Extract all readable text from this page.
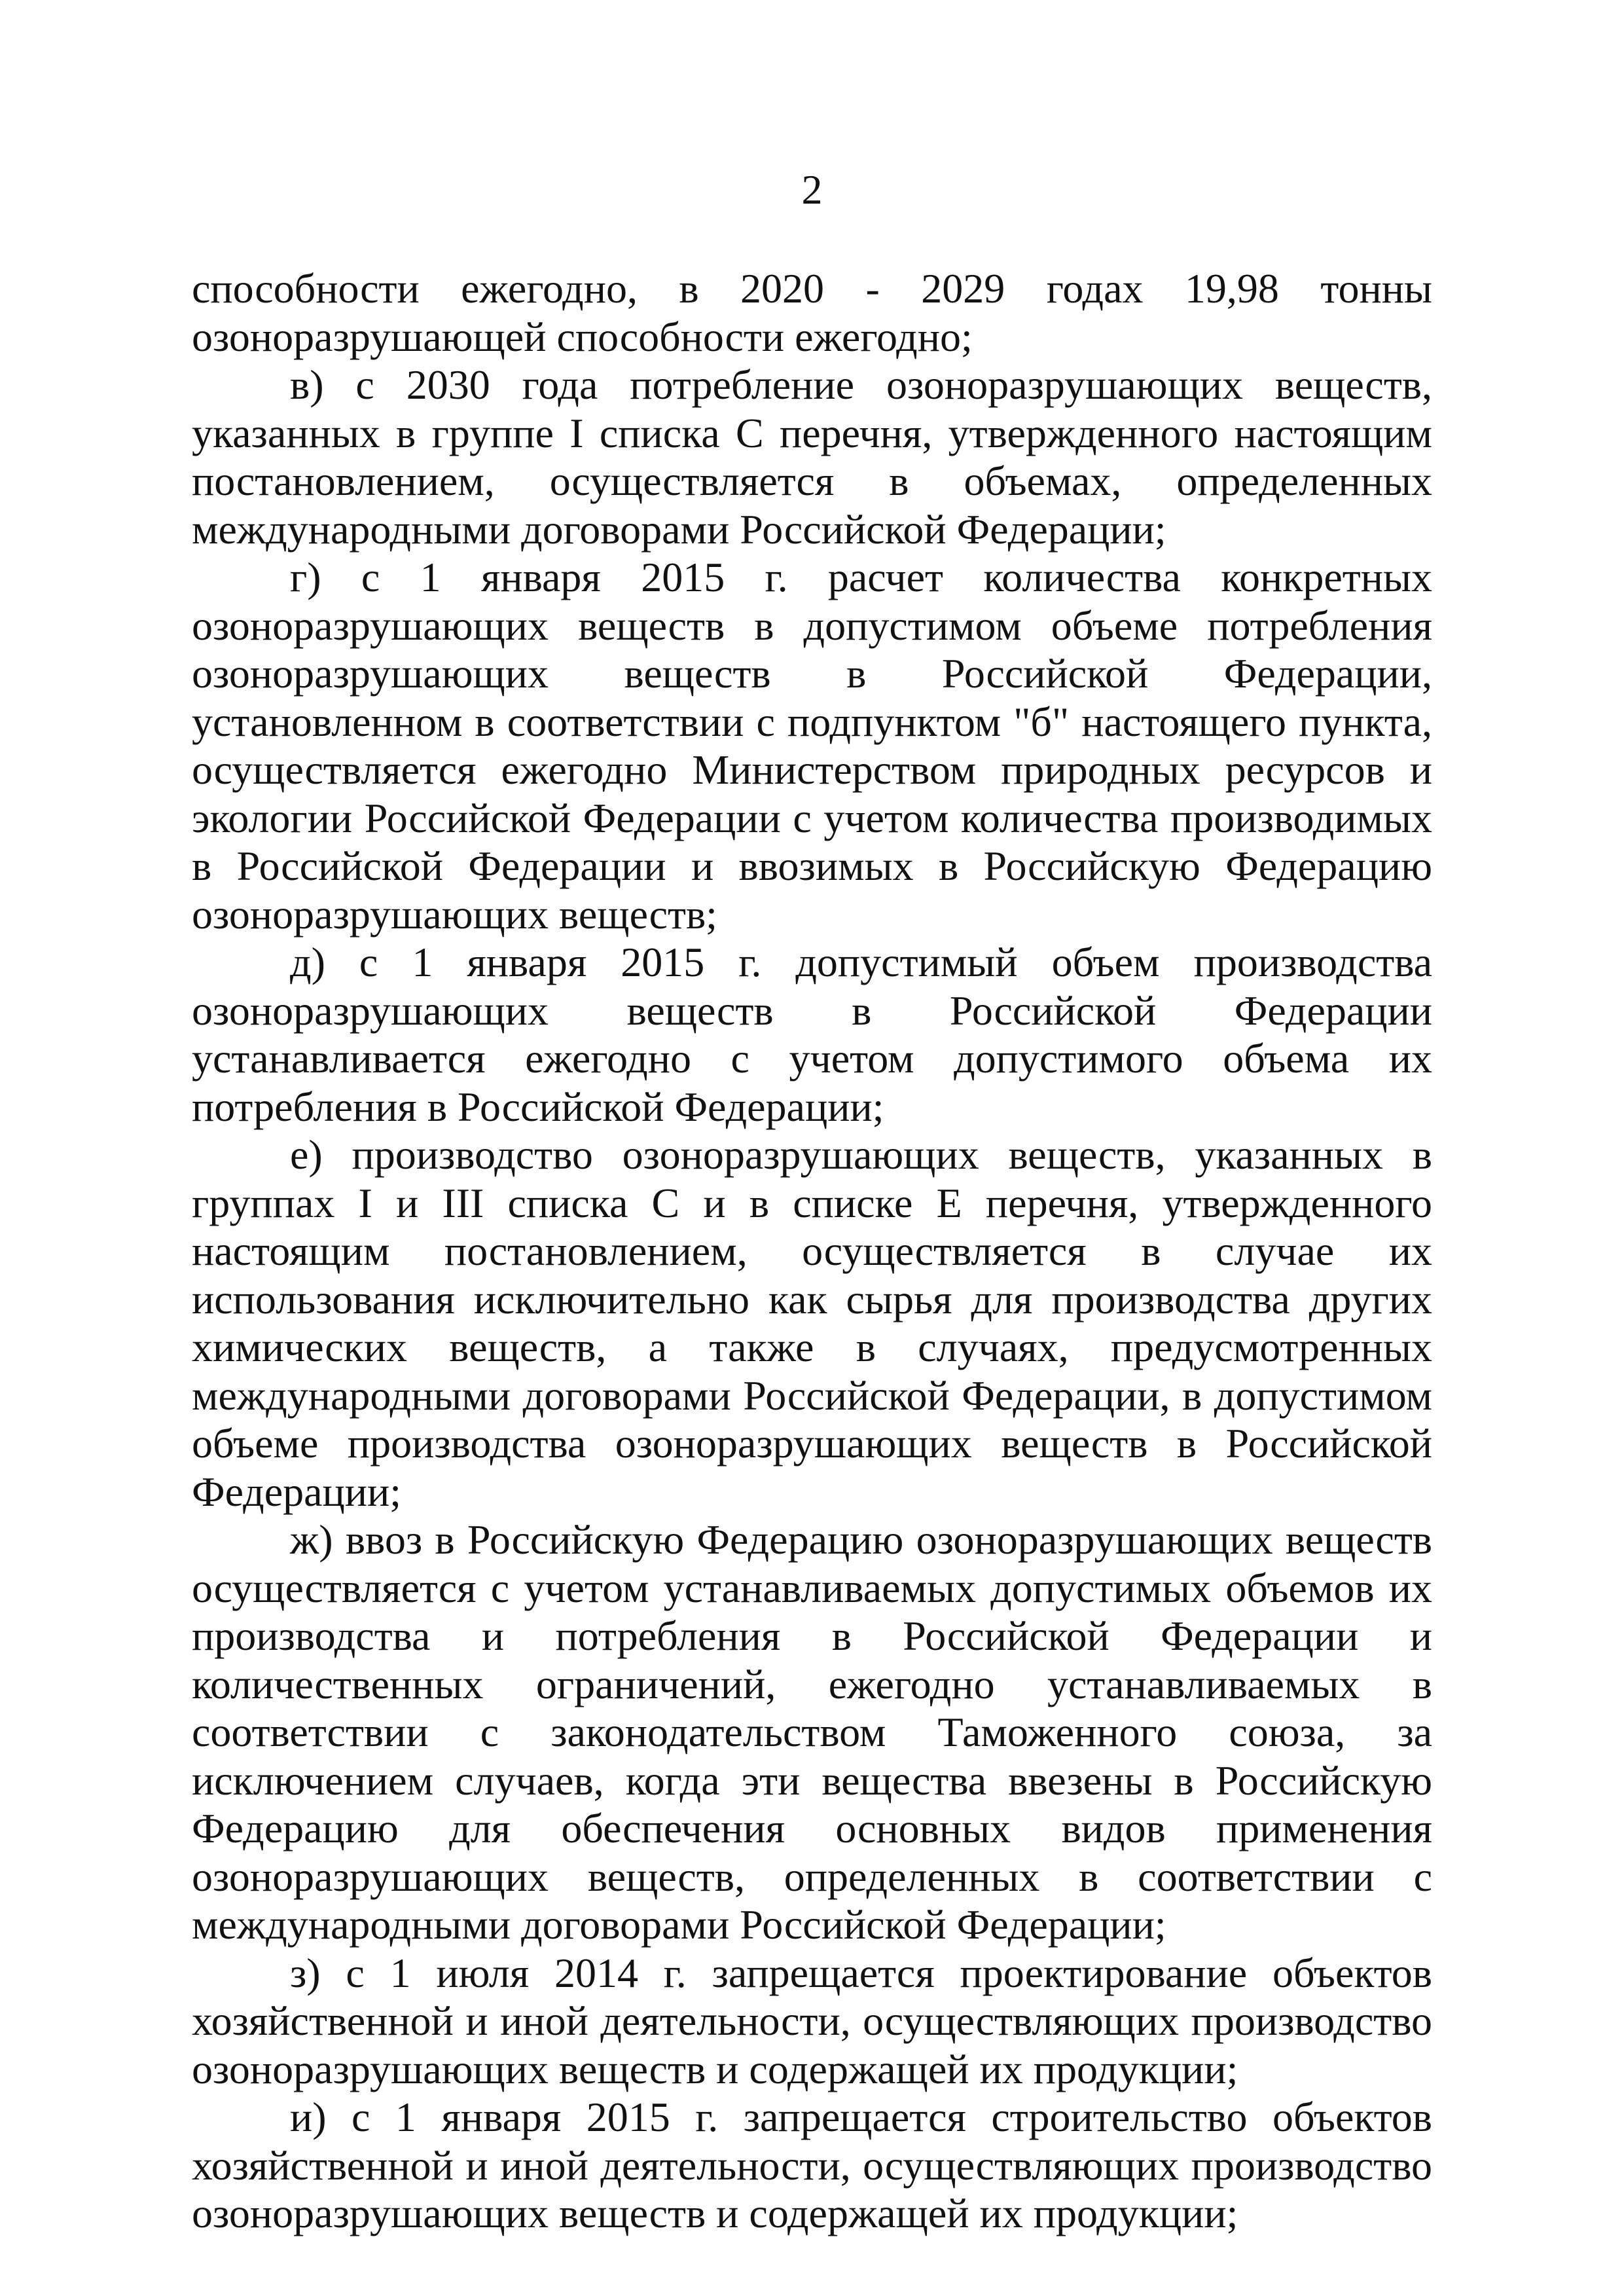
2

способности ежегодно, в 2020 - 2029 годах 19,98 тонны озоноразрушающей способности ежегодно;

в) с 2030 года потребление озоноразрушающих веществ, указанных в группе I списка С перечня, утвержденного настоящим постановлением, осуществляется в объемах, определенных международными договорами Российской Федерации;

г) с 1 января 2015 г. расчет количества конкретных озоноразрушающих веществ в допустимом объеме потребления озоноразрушающих веществ в Российской Федерации, установленном в соответствии с подпунктом "б" настоящего пункта, осуществляется ежегодно Министерством природных ресурсов и экологии Российской Федерации с учетом количества производимых в Российской Федерации и ввозимых в Российскую Федерацию озоноразрушающих веществ;

д) с 1 января 2015 г. допустимый объем производства озоноразрушающих веществ в Российской Федерации устанавливается ежегодно с учетом допустимого объема их потребления в Российской Федерации;

е) производство озоноразрушающих веществ, указанных в группах I и III списка С и в списке Е перечня, утвержденного настоящим постановлением, осуществляется в случае их использования исключительно как сырья для производства других химических веществ, а также в случаях, предусмотренных международными договорами Российской Федерации, в допустимом объеме производства озоноразрушающих веществ в Российской Федерации;

ж) ввоз в Российскую Федерацию озоноразрушающих веществ осуществляется с учетом устанавливаемых допустимых объемов их производства и потребления в Российской Федерации и количественных ограничений, ежегодно устанавливаемых в соответствии с законодательством Таможенного союза, за исключением случаев, когда эти вещества ввезены в Российскую Федерацию для обеспечения основных видов применения озоноразрушающих веществ, определенных в соответствии с международными договорами Российской Федерации;

з) с 1 июля 2014 г. запрещается проектирование объектов хозяйственной и иной деятельности, осуществляющих производство озоноразрушающих веществ и содержащей их продукции;

и) с 1 января 2015 г. запрещается строительство объектов хозяйственной и иной деятельности, осуществляющих производство озоноразрушающих веществ и содержащей их продукции;
